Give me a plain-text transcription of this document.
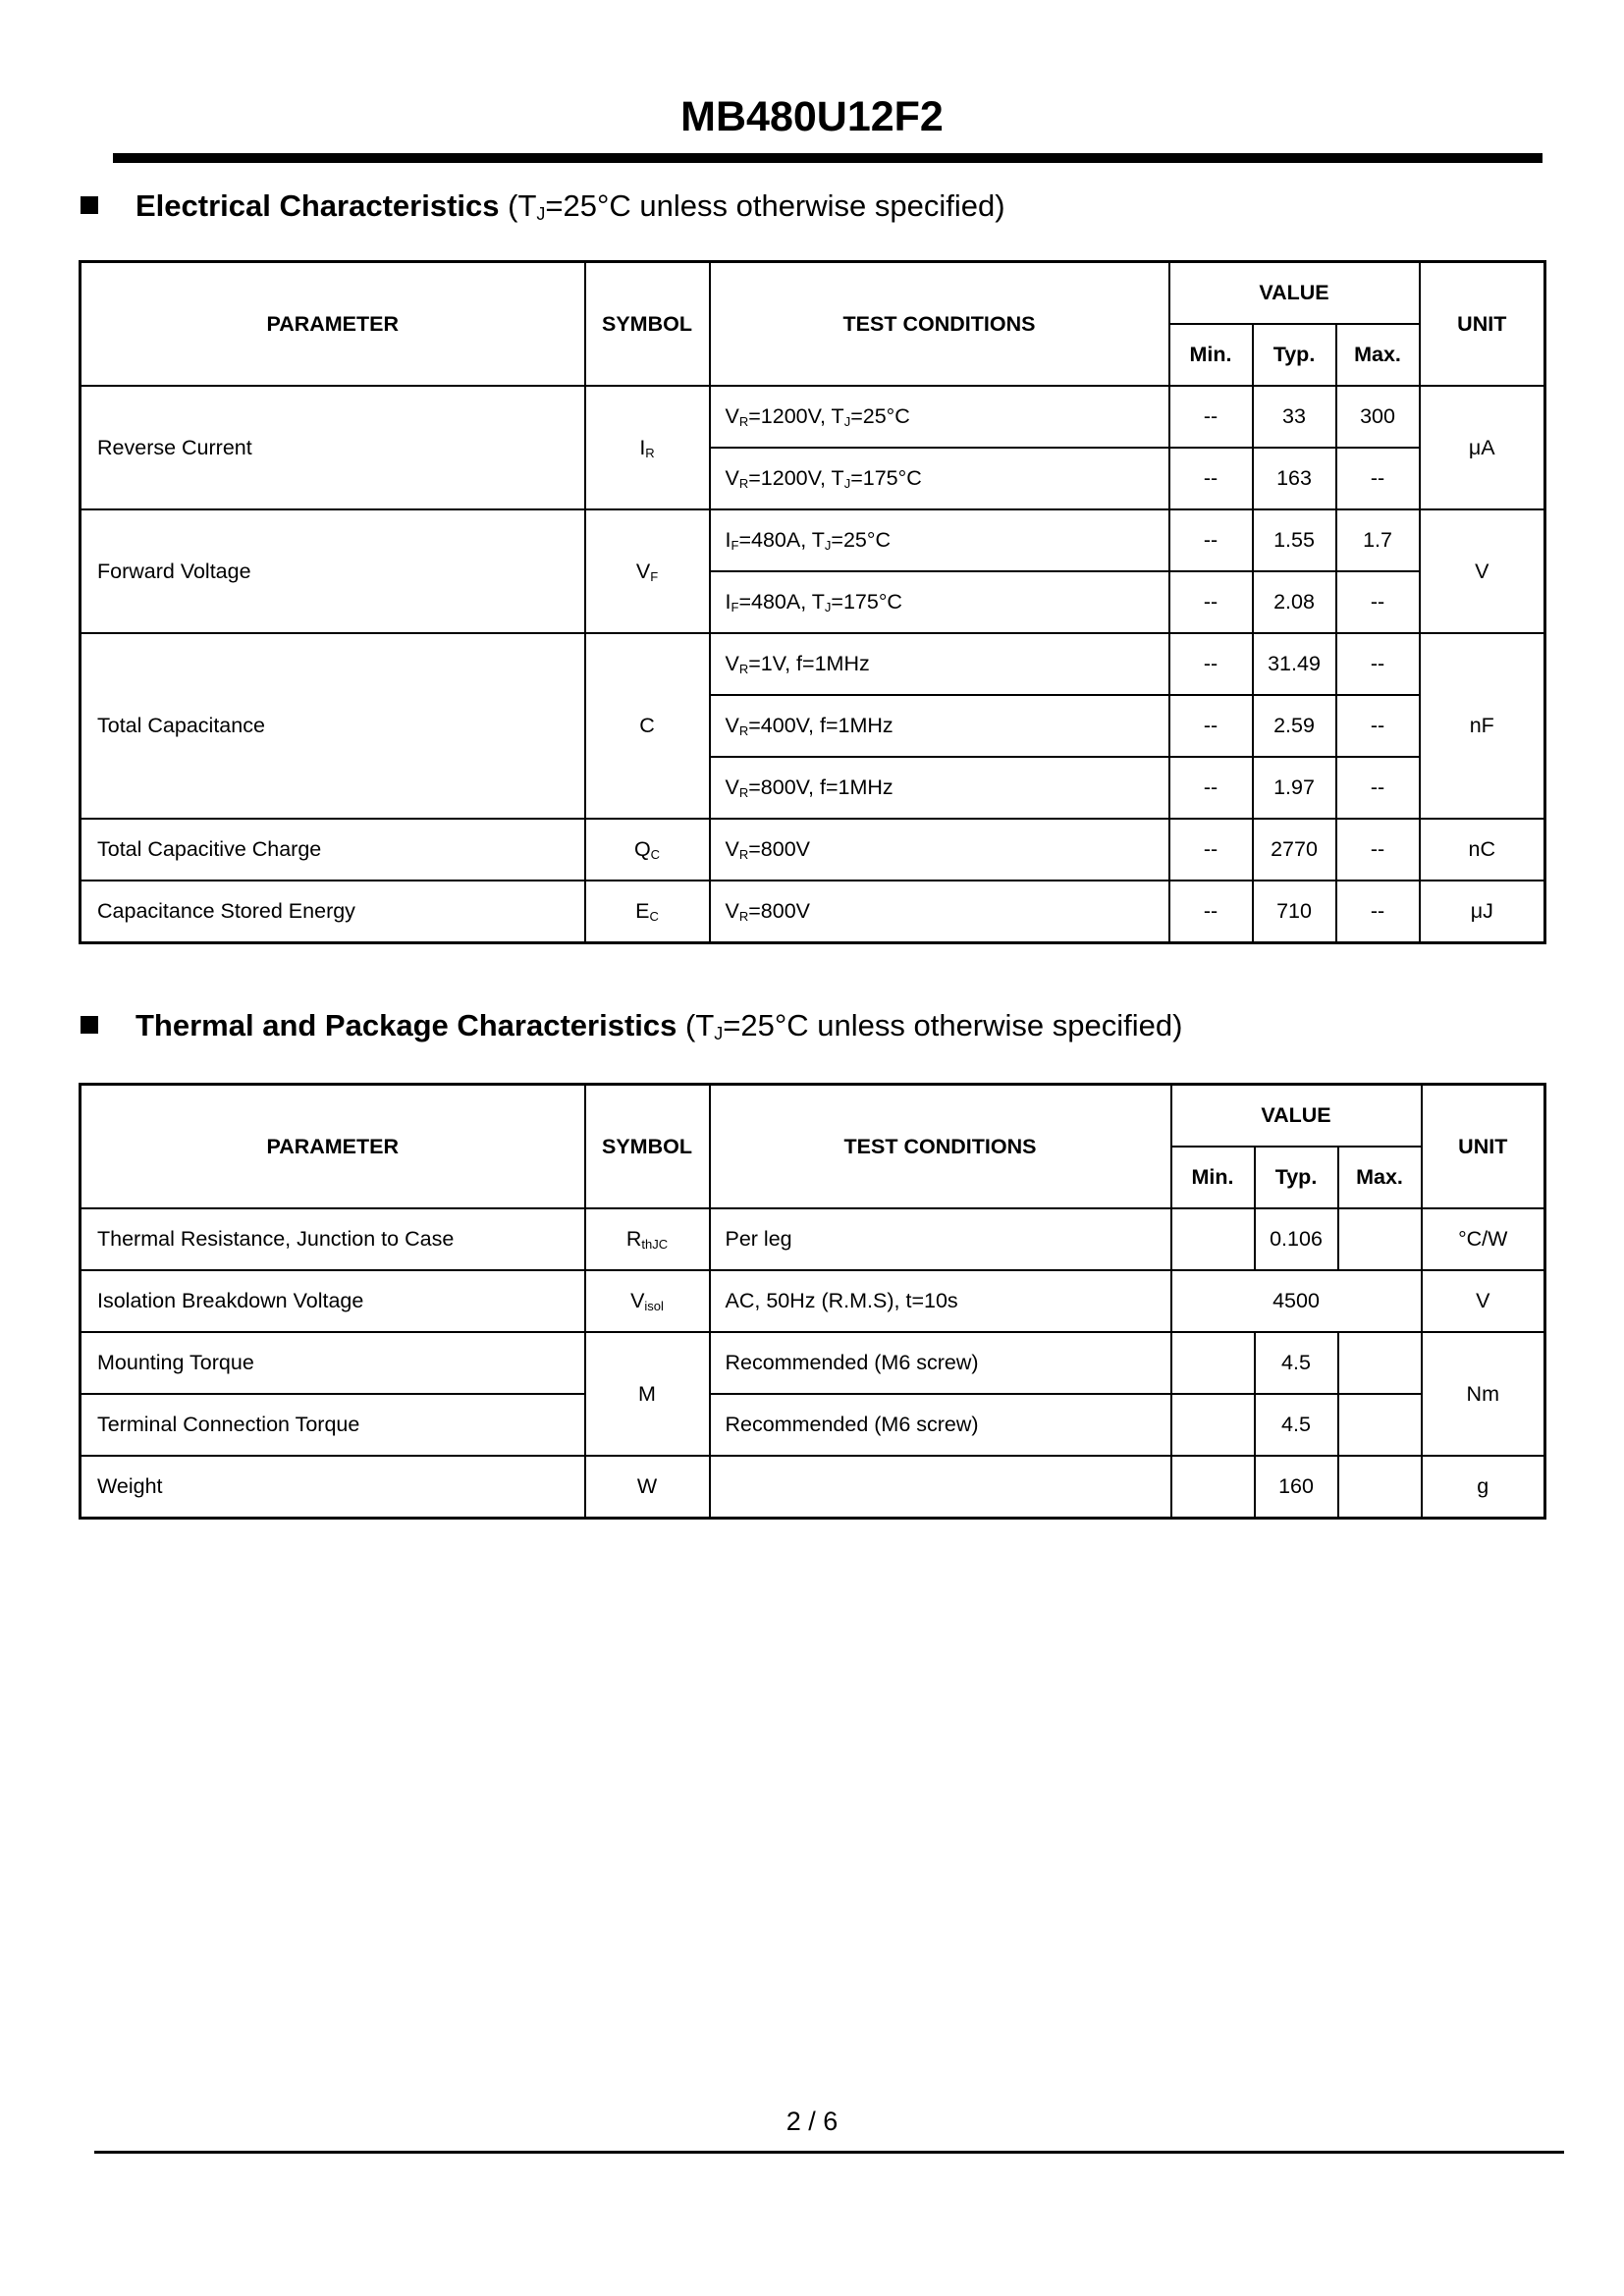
MB480U12F2
Electrical Characteristics ($T_J=25^\circ C$ unless otherwise specified)
PARAMETER	SYMBOL	TEST CONDITIONS	VALUE			UNIT
			Min.	Typ.	Max.	
Reverse Current	$I_R$	$V_R=1200V$, $T_J=25^\circ C$	--	33	300	μA
		$V_R=1200V$, $T_J=175^\circ C$	--	163	--	
Forward Voltage	$V_F$	$I_F=480A$, $T_J=25^\circ C$	--	1.55	1.7	V
		$I_F=480A$, $T_J=175^\circ C$	--	2.08	--	
Total Capacitance	C	$V_R=1V$, f=1MHz	--	31.49	--	nF
		$V_R=400V$, f=1MHz	--	2.59	--	
		$V_R=800V$, f=1MHz	--	1.97	--	
Total Capacitive Charge	$Q_C$	$V_R=800V$	--	2770	--	nC
Capacitance Stored Energy	$E_C$	$V_R=800V$	--	710	--	μJ
Thermal and Package Characteristics ($T_J=25^\circ C$ unless otherwise specified)
PARAMETER	SYMBOL	TEST CONDITIONS	VALUE			UNIT
			Min.	Typ.	Max.	
Thermal Resistance, Junction to Case	$R_{thJC}$	Per leg		0.106		°C/W
Isolation Breakdown Voltage	$V_{isol}$	AC, 50Hz (R.M.S), t=10s	4500			V
Mounting Torque	M	Recommended (M6 screw)		4.5		Nm
Terminal Connection Torque		Recommended (M6 screw)		4.5		
Weight	W			160		g
2 / 6
